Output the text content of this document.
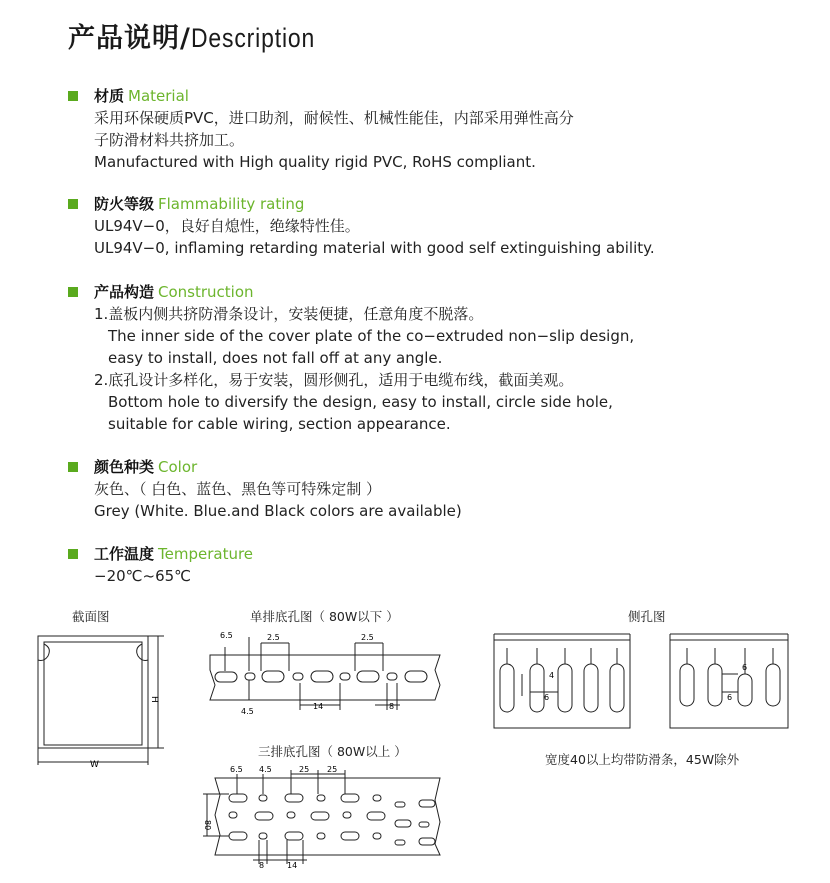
产品说明/Description
材质 Material
采用环保硬质PVC，进口助剂，耐候性、机械性能佳，内部采用弹性高分
子防滑材料共挤加工。
Manufactured with High quality rigid PVC, RoHS compliant.
防火等级 Flammability rating
UL94V−0，良好自熄性，绝缘特性佳。
UL94V−0, inflaming retarding material with good self extinguishing ability.
产品构造 Construction
1.盖板内侧共挤防滑条设计，安装便捷，任意角度不脱落。
The inner side of the cover plate of the co−extruded non−slip design,
easy to install, does not fall off at any angle.
2.底孔设计多样化，易于安装，圆形侧孔，适用于电缆布线，截面美观。
Bottom hole to diversify the design, easy to install, circle side hole,
suitable for cable wiring, section appearance.
颜色种类 Color
灰色、（ 白色、蓝色、黑色等可特殊定制 ）
Grey (White. Blue.and Black colors are available)
工作温度 Temperature
−20℃~65℃
截面图	单排底孔图（ 80W以下 ）
三排底孔图（ 80W以上 ）
侧孔图
宽度40以上均带防滑条，45W除外
W
H
6.5
4.5
2.5	2.5
14	8
6.5 4.5	25 25
80
8	14
4
6
6
6
